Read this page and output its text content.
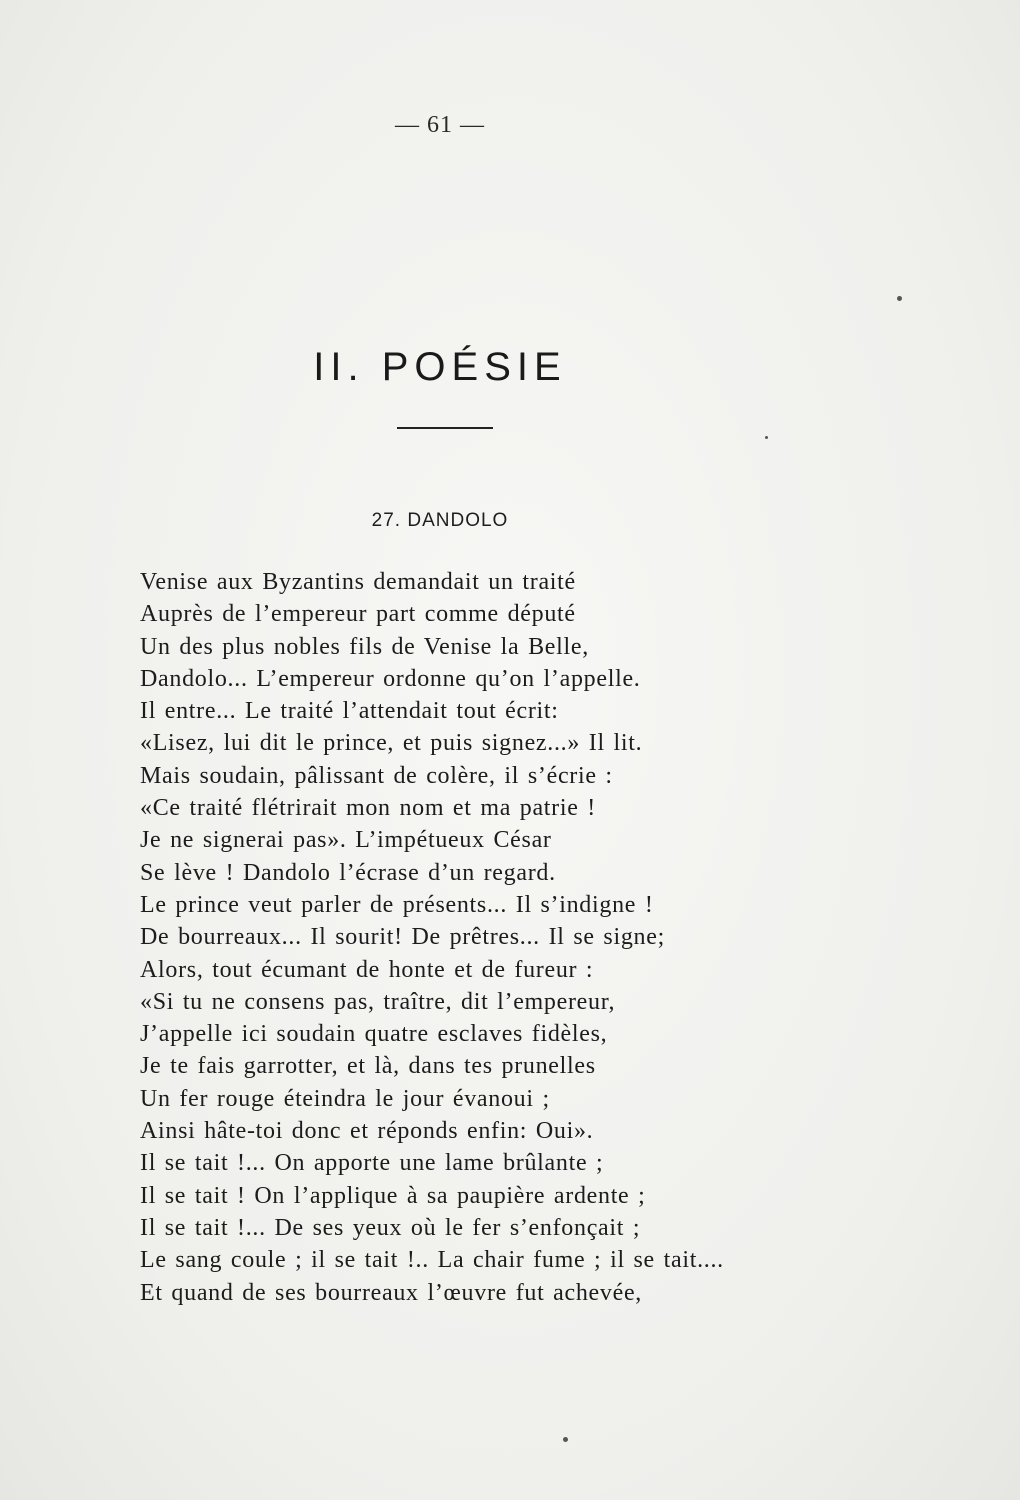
— 61 —
II. POÉSIE
27. DANDOLO
Venise aux Byzantins demandait un traité
Auprès de l’empereur part comme député
Un des plus nobles fils de Venise la Belle,
Dandolo... L’empereur ordonne qu’on l’appelle.
Il entre... Le traité l’attendait tout écrit:
«Lisez, lui dit le prince, et puis signez...» Il lit.
Mais soudain, pâlissant de colère, il s’écrie :
«Ce traité flétrirait mon nom et ma patrie !
Je ne signerai pas». L’impétueux César
Se lève ! Dandolo l’écrase d’un regard.
Le prince veut parler de présents... Il s’indigne !
De bourreaux... Il sourit! De prêtres... Il se signe;
Alors, tout écumant de honte et de fureur :
«Si tu ne consens pas, traître, dit l’empereur,
J’appelle ici soudain quatre esclaves fidèles,
Je te fais garrotter, et là, dans tes prunelles
Un fer rouge éteindra le jour évanoui ;
Ainsi hâte-toi donc et réponds enfin: Oui».
Il se tait !... On apporte une lame brûlante ;
Il se tait ! On l’applique à sa paupière ardente ;
Il se tait !... De ses yeux où le fer s’enfonçait ;
Le sang coule ; il se tait !.. La chair fume ; il se tait....
Et quand de ses bourreaux l’œuvre fut achevée,
